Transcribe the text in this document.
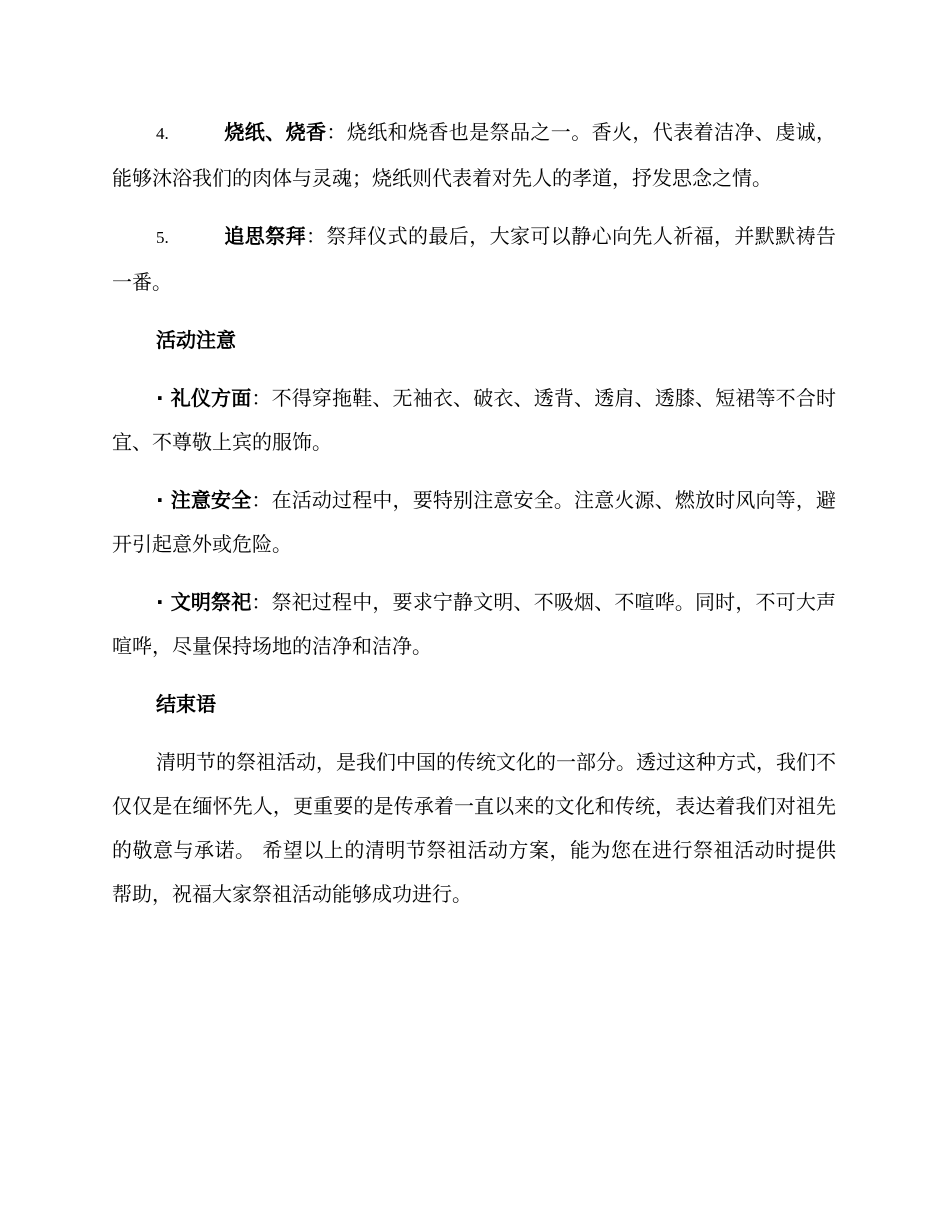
4.	烧纸、烧香：烧纸和烧香也是祭品之一。香火，代表着洁净、虔诚，能够沐浴我们的肉体与灵魂；烧纸则代表着对先人的孝道，抒发思念之情。

5.	追思祭拜：祭拜仪式的最后，大家可以静心向先人祈福，并默默祷告一番。

活动注意

· 礼仪方面：不得穿拖鞋、无袖衣、破衣、透背、透肩、透膝、短裙等不合时宜、不尊敬上宾的服饰。

· 注意安全：在活动过程中，要特别注意安全。注意火源、燃放时风向等，避开引起意外或危险。

· 文明祭祀：祭祀过程中，要求宁静文明、不吸烟、不喧哗。同时，不可大声喧哗，尽量保持场地的洁净和洁净。

结束语

清明节的祭祖活动，是我们中国的传统文化的一部分。透过这种方式，我们不仅仅是在缅怀先人，更重要的是传承着一直以来的文化和传统，表达着我们对祖先的敬意与承诺。 希望以上的清明节祭祖活动方案，能为您在进行祭祖活动时提供帮助，祝福大家祭祖活动能够成功进行。
